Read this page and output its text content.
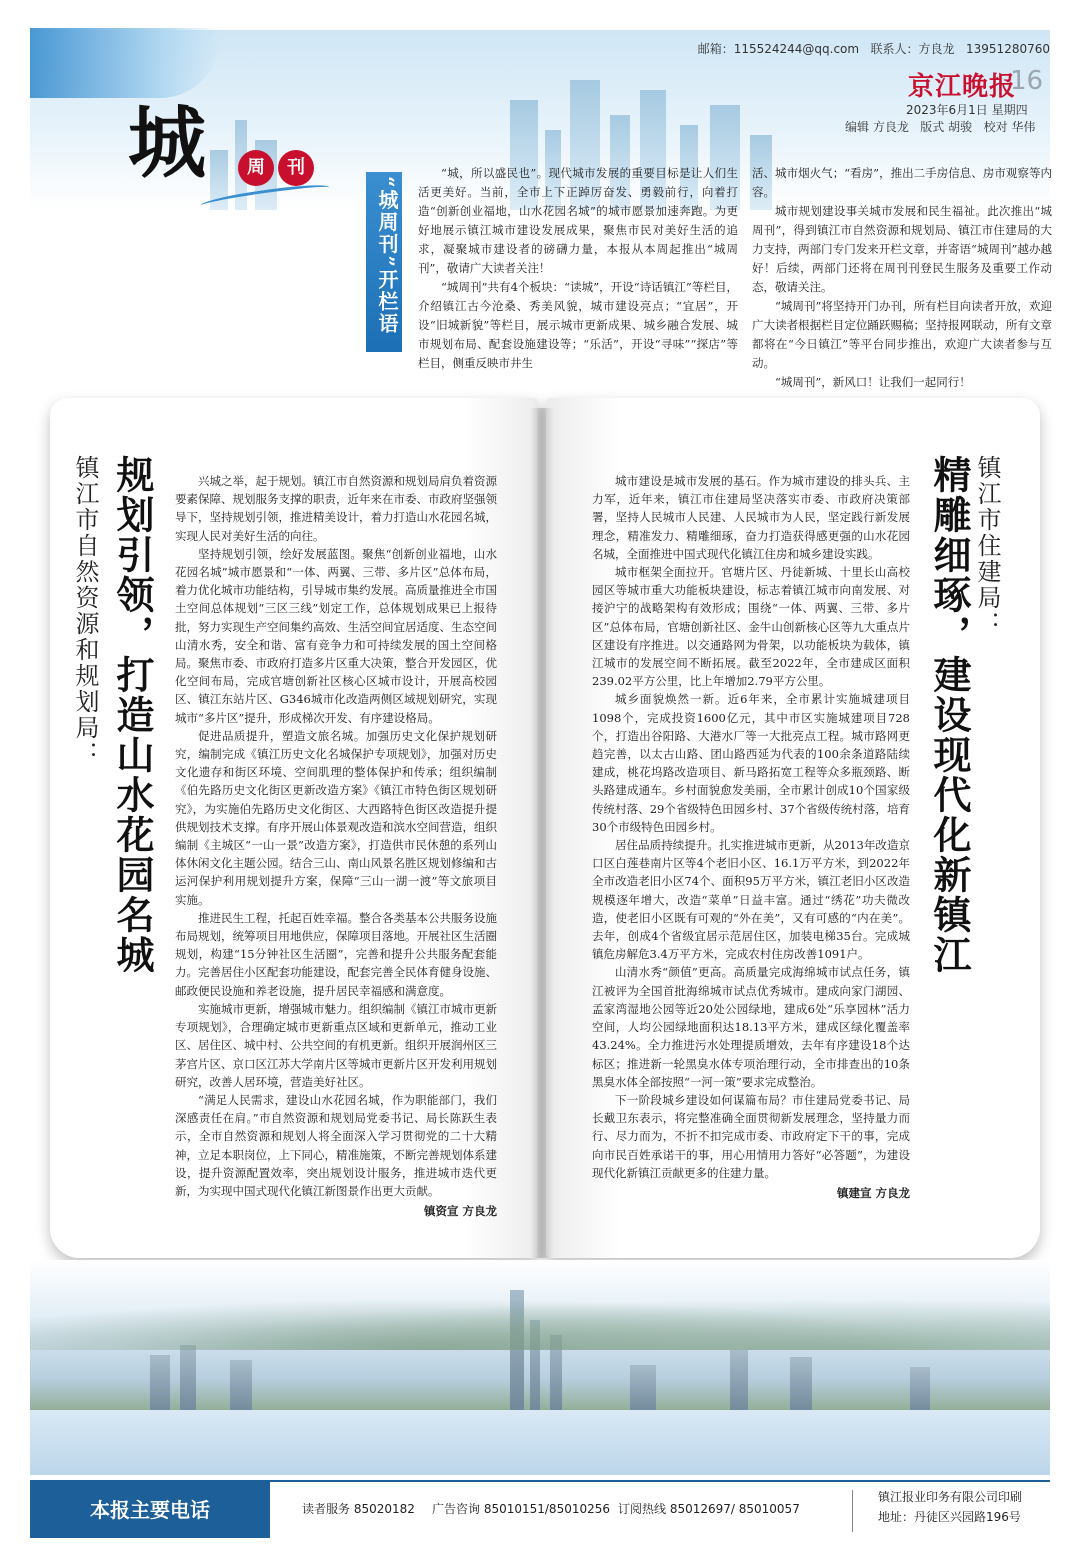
邮箱：115524244@qq.com 联系人：方良龙 13951280760
京江晚报
16
2023年6月1日 星期四
编辑 方良龙 版式 胡骏 校对 华伟
城	周	刊
“城周刊”开栏语

“城，所以盛民也”。现代城市发展的重要目标是让人们生活更美好。当前，全市上下正踔厉奋发、勇毅前行，向着打造“创新创业福地，山水花园名城”的城市愿景加速奔跑。为更好地展示镇江城市建设发展成果，聚焦市民对美好生活的追求，凝聚城市建设者的磅礴力量，本报从本周起推出“城周刊”，敬请广大读者关注！

“城周刊”共有4个板块：“读城”，开设“诗话镇江”等栏目，介绍镇江古今沧桑、秀美风貌，城市建设亮点；“宜居”，开设“旧城新貌”等栏目，展示城市更新成果、城乡融合发展、城市规划布局、配套设施建设等；“乐活”，开设“寻味”“探店”等栏目，侧重反映市井生

活、城市烟火气；“看房”，推出二手房信息、房市观察等内容。

城市规划建设事关城市发展和民生福祉。此次推出“城周刊”，得到镇江市自然资源和规划局、镇江市住建局的大力支持，两部门专门发来开栏文章，并寄语“城周刊”越办越好！后续，两部门还将在周刊刊登民生服务及重要工作动态，敬请关注。

“城周刊”将坚持开门办刊，所有栏目向读者开放，欢迎广大读者根据栏目定位踊跃赐稿；坚持报网联动，所有文章都将在“今日镇江”等平台同步推出，欢迎广大读者参与互动。

“城周刊”，新风口！让我们一起同行！

镇江市自然资源和规划局： 规划引领，打造山水花园名城	镇江市住建局：
精雕细琢，建设现代化新镇江

兴城之举，起于规划。镇江市自然资源和规划局肩负着资源要素保障、规划服务支撑的职责，近年来在市委、市政府坚强领导下，坚持规划引领，推进精美设计，着力打造山水花园名城，实现人民对美好生活的向往。

坚持规划引领，绘好发展蓝图。聚焦“创新创业福地，山水花园名城”城市愿景和“一体、两翼、三带、多片区”总体布局，着力优化城市功能结构，引导城市集约发展。高质量推进全市国土空间总体规划“三区三线”划定工作，总体规划成果已上报待批，努力实现生产空间集约高效、生活空间宜居适度、生态空间山清水秀，安全和谐、富有竞争力和可持续发展的国土空间格局。聚焦市委、市政府打造多片区重大决策，整合开发园区，优化空间布局，完成官塘创新社区核心区城市设计，开展高校园区、镇江东站片区、G346城市化改造两侧区域规划研究，实现城市“多片区”提升，形成梯次开发、有序建设格局。

促进品质提升，塑造文旅名城。加强历史文化保护规划研究，编制完成《镇江历史文化名城保护专项规划》，加强对历史文化遗存和街区环境、空间肌理的整体保护和传承；组织编制《伯先路历史文化街区更新改造方案》《镇江市特色街区规划研究》，为实施伯先路历史文化街区、大西路特色街区改造提升提供规划技术支撑。有序开展山体景观改造和滨水空间营造，组织编制《主城区“一山一景”改造方案》，打造供市民休憩的系列山体休闲文化主题公园。结合三山、南山风景名胜区规划修编和古运河保护利用规划提升方案，保障“三山一湖一渡”等文旅项目实施。

推进民生工程，托起百姓幸福。整合各类基本公共服务设施布局规划，统筹项目用地供应，保障项目落地。开展社区生活圈规划，构建“15分钟社区生活圈”，完善和提升公共服务配套能力。完善居住小区配套功能建设，配套完善全民体育健身设施、邮政便民设施和养老设施，提升居民幸福感和满意度。

实施城市更新，增强城市魅力。组织编制《镇江市城市更新专项规划》，合理确定城市更新重点区域和更新单元，推动工业区、居住区、城中村、公共空间的有机更新。组织开展润州区三茅宫片区、京口区江苏大学南片区等城市更新片区开发利用规划研究，改善人居环境，营造美好社区。

“满足人民需求，建设山水花园名城，作为职能部门，我们深感责任在肩。”市自然资源和规划局党委书记、局长陈跃生表示，全市自然资源和规划人将全面深入学习贯彻党的二十大精神，立足本职岗位，上下同心，精准施策，不断完善规划体系建设，提升资源配置效率，突出规划设计服务，推进城市迭代更新，为实现中国式现代化镇江新图景作出更大贡献。

镇资宣 方良龙

城市建设是城市发展的基石。作为城市建设的排头兵、主力军，近年来，镇江市住建局坚决落实市委、市政府决策部署，坚持人民城市人民建、人民城市为人民，坚定践行新发展理念，精准发力、精雕细琢，奋力打造获得感更强的山水花园名城，全面推进中国式现代化镇江住房和城乡建设实践。

城市框架全面拉开。官塘片区、丹徒新城、十里长山高校园区等城市重大功能板块建设，标志着镇江城市向南发展、对接沪宁的战略架构有效形成；围绕“一体、两翼、三带、多片区”总体布局，官塘创新社区、金牛山创新核心区等九大重点片区建设有序推进。以交通路网为骨架，以功能板块为载体，镇江城市的发展空间不断拓展。截至2022年，全市建成区面积239.02平方公里，比上年增加2.79平方公里。

城乡面貌焕然一新。近6年来，全市累计实施城建项目1098个，完成投资1600亿元，其中市区实施城建项目728个，打造出谷阳路、大港水厂等一大批亮点工程。城市路网更趋完善，以太古山路、团山路西延为代表的100余条道路陆续建成，桃花坞路改造项目、新马路拓宽工程等众多瓶颈路、断头路建成通车。乡村面貌愈发美丽，全市累计创成10个国家级传统村落、29个省级特色田园乡村、37个省级传统村落，培育30个市级特色田园乡村。

居住品质持续提升。扎实推进城市更新，从2013年改造京口区白莲巷南片区等4个老旧小区、16.1万平方米，到2022年全市改造老旧小区74个、面积95万平方米，镇江老旧小区改造规模逐年增大，改造“菜单”日益丰富。通过“绣花”功夫微改造，使老旧小区既有可观的“外在美”，又有可感的“内在美”。去年，创成4个省级宜居示范居住区，加装电梯35台。完成城镇危房解危3.4万平方米，完成农村住房改善1091户。

山清水秀“颜值”更高。高质量完成海绵城市试点任务，镇江被评为全国首批海绵城市试点优秀城市。建成向家门湖园、孟家湾湿地公园等近20处公园绿地，建成6处“乐享园林”活力空间，人均公园绿地面积达18.13平方米，建成区绿化覆盖率43.24%。全力推进污水处理提质增效，去年有序建设18个达标区；推进新一轮黑臭水体专项治理行动，全市排查出的10条黑臭水体全部按照“一河一策”要求完成整治。

下一阶段城乡建设如何谋篇布局？市住建局党委书记、局长戴卫东表示，将完整准确全面贯彻新发展理念，坚持量力而行、尽力而为，不折不扣完成市委、市政府定下干的事，完成向市民百姓承诺干的事，用心用情用力答好“必答题”，为建设现代化新镇江贡献更多的住建力量。

镇建宣 方良龙

本报主要电话	读者服务 85020182 广告咨询 85010151/85010256 订阅热线 85012697/ 85010057
镇江报业印务有限公司印刷
地址：丹徒区兴园路196号
